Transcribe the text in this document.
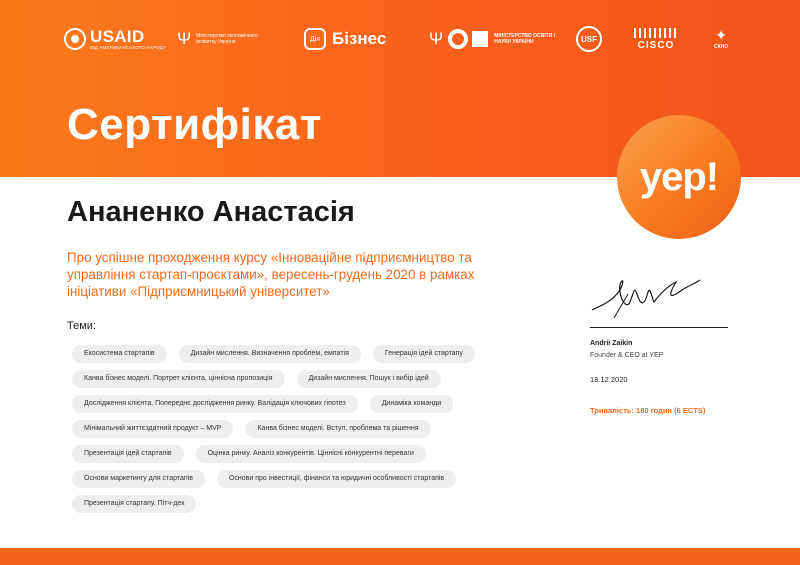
USAID
ВІД АМЕРИКАНСЬКОГО НАРОДУ Ψ Міністерство економічного розвитку України	Дія Бізнес	Ψ	МІНІСТЕРСТВО ОСВІТИ І НАУКИ УКРАЇНИ	USF
CISCO
✦
СКНО
Сертифікат
yep!
Ананенко Анастасія
Про успішне проходження курсу «Інноваційне підприємництво та управління стартап-проєктами», вересень-грудень 2020 в рамках ініціативи «Підприємницький університет»
Теми:
Екосистема стартапів	Дизайн мислення. Визначення проблем, емпатія	Генерація ідей стартапу
Канва бізнес моделі. Портрет клієнта, ціннісна пропозиція	Дизайн мислення. Пошук і вибір ідей
Дослідження клієнта. Попереднє дослідження ринку. Валідація ключових гіпотез	Динаміка команди
Мінімальний життєздатний продукт – MVP	Канва бізнес моделі. Вступ, проблема та рішення
Презентація ідей стартапів	Оцінка ринку. Аналіз конкурентів. Ціннісні конкурентні переваги
Основи маркетингу для стартапів	Основи про інвестиції, фінанси та юридичні особливості стартапів
Презентація стартапу. Пітч-дек
Andrii Zaikin
Founder & CEO at YEP
18.12.2020
Тривалість: 180 годин (6 ECTS)
